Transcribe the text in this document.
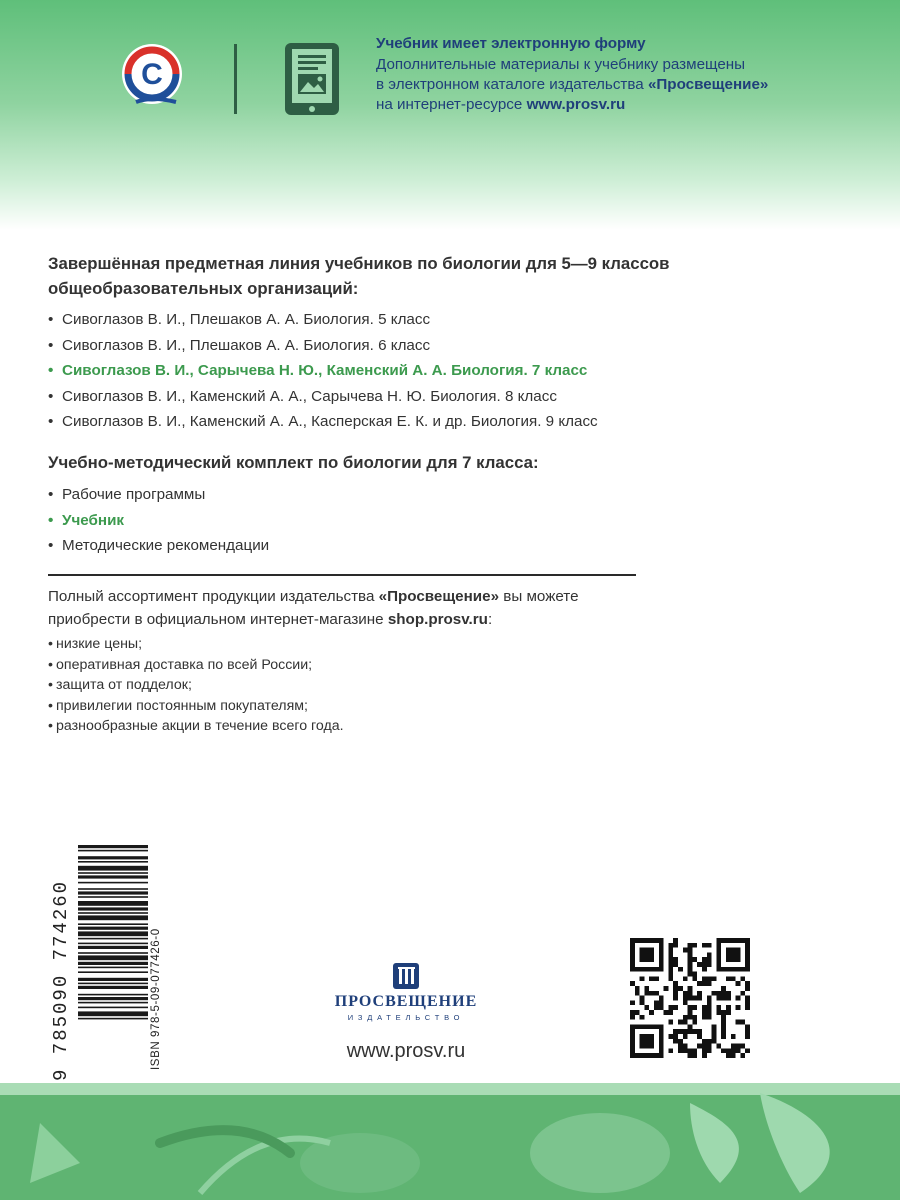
C
Учебник имеет электронную форму
Дополнительные материалы к учебнику размещены
в электронном каталоге издательства «Просвещение»
на интернет-ресурсе www.prosv.ru
Завершённая предметная линия учебников по биологии для 5—9 классов общеобразовательных организаций:
• Сивоглазов В. И., Плешаков А. А. Биология. 5 класс
• Сивоглазов В. И., Плешаков А. А. Биология. 6 класс
• Сивоглазов В. И., Сарычева Н. Ю., Каменский А. А. Биология. 7 класс
• Сивоглазов В. И., Каменский А. А., Сарычева Н. Ю. Биология. 8 класс
• Сивоглазов В. И., Каменский А. А., Касперская Е. К. и др. Биология. 9 класс
Учебно-методический комплект по биологии для 7 класса:
• Рабочие программы
• Учебник
• Методические рекомендации
Полный ассортимент продукции издательства «Просвещение» вы можете
приобрести в официальном интернет-магазине shop.prosv.ru:
• низкие цены;
• оперативная доставка по всей России;
• защита от подделок;
• привилегии постоянным покупателям;
• разнообразные акции в течение всего года.
ISBN 978-5-09-077426-0
9 785090 774260	ПРОСВЕЩЕНИЕ
ИЗДАТЕЛЬСТВО
www.prosv.ru
